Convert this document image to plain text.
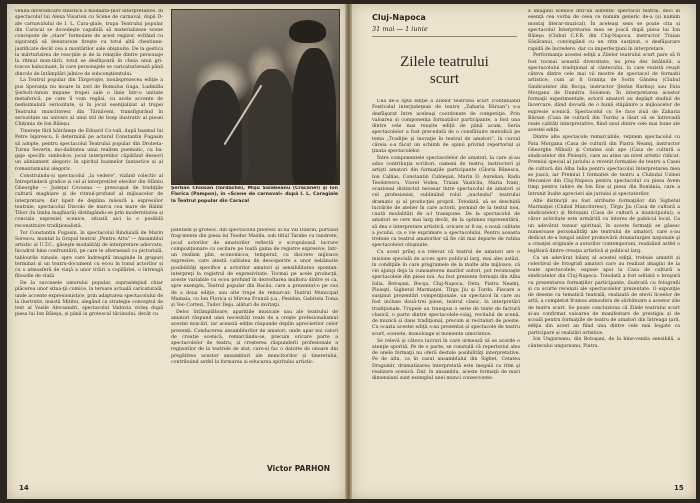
venită diversificare stilistică a modalită-ţilor interpretative. În spectacolul lui Alexa Visarion cu Scene de carnaval, după D-ale carnavalului de I. L. Cara-giale, trupa Teatrului popular din Caracal se dovedeşte capabilă să materializeze scene concepute de „stare" formulate de acest regizor, evitând cu siguranţă să denatureze fireşte cu totul altă chestiune-justificate decât cea a montărilor sale obişnuite. De la gestica la mărturisirea de reacţiile și de la relaţiile dintre personaje la ritmul mon-tării, totul se desfăşoară în cheia unui gri-toscos halucinant, în care personajele se caricaturizează până dincolo de întâmplări jalnice de subconştientului.

La Teatrul popular din Târgovişte, nouăsprezecea ediţie a pus Speranţa nu moare în zori de Romulus Guga, Ludmilla Şerbolt-Anton impune trupei sale o linie într-o unitate metaforică, pe care îl vom regăsi, cu acele accente de nedisimulată seriozitate, și în jocul esenţializat al trupei Teatrului muncitoresc din Târnăveni, transfigurând în seriozitate un univers al unui stil de hosp ilustrativ al piesei Chiţimia de Ion Băieşu.

Tinereţe fără bătrâneţe de Eduard Co-vali, după basmul lui Petre Ispirescu, îi determină pe actorul Constantin Fugasin să adopte, pentru spectacolul Teatrului popular din Drobeta-Turnu Severin, mo-dalitatea unui realism poematic, cu ba-gaje specific simbolice, jocul interpretilor căpătând deseori un aliniament alegoric în spiritul basmelor fantastice și al romantismului alegoric.

Construindu-și spectacolul „la vedere", vizând colectiv al Întreprinderii grafice și cel al interpreților elevilor din Sfântu Gheorghe — Judeţul Covasna — preocupat de tradiţiile culturii maghiare şi de ritmul-profund al mijloacelor de interpretare, dar lipsit de deplina măsură a expresiilor teatrale, spectacolul Discolo de marca cea mare de Bálint Tibor (în limba maghiară) distingându-se prin modernitatea și concizia expresiei scenice, situată aici la o posibilă reconstituire tradiţionalistă.

Tot Constantin Fugasin, în spectacolul Rinduială de Marin Sorescu, montat la Grupul teatral „Pentru Arta" — Ansamblul artistic al U.T.C., găseşte modalităţi de interpretare adecvate, încadrat bine confruntării, pe care le alternează cu pictorială, tablourile vizuale, spre care îndreaptă imaginile în grupuri terminat și un teatru-document cu ecou în tonul actorilor și cu o atmosferă de viaţă a unor trăiri a copilăriei, o întreagă filosofie de viață.

De la succesele umorului popular, suprasimţind chiar plăcerea unor situa-ţii comice, la teroare actuală caricaturală, unde accente expresionistice, prin adaptarea spectacolului de la ilustrativ, insistă Mititei, alegând ca strategie conceptul de text al Vasile Alecsandri, spectacolul Vaduvia vicleş după piesa lui Ion Băieşu, și până la grotescul tăciinului, decât cu

Şerban Chiosan (Iordache), Mişu Sălăbeanu (Crăcănel) şi Ion Florica (Pampon), în «Scene de carnaval» după I. L. Caragiale la Teatrul popular din Caracal

patetism şi grotesc, din spectacolul pitoresc al lui Val Dobrin, purtând frag-mente din piesa lui Teodor Mazilu, sub titlul Tarabe cu tandrete, jocul actorilor de amatorilor reflectă o scrupuloasă lucrare compoziţionare cu oscilare pe toată gama de registre expresive, într-un realism plin, economicos, temperat, cu discrete mijloace expresive, care atestă calitatea de descoperire a unor nebănuite posibilităţi specifice a actorilor amatori şi sensibilitatea spontan-interpreţi la registrul de expresivitate. Tocmai pe acele producţii, aceste variabile cu ecou profund în dezvoltarea multora dintre ei ca, spre exemplu, Teatrul popular din Bacău, care a prezentat-o pe cea de a doua ediţie, sau alte trupe de remarcat: Teatrul Municipal Mamaia, cu Ion Florica și Mircea Frunză ș.a., Pesidan, Gabriela Toma și Teo Cortezi, Tudor Deju, alături de invitaţii.

Deloc întâmplătoare, aparițiile musicale sau ale teatrului de amatori răspund unei necesități reale de a creşte profesionalismul acestei mișcări, iar această ediție răspunde deplin aprecierilor celor prezenți. Conducerea ansamblurilor de amatori, unde apar noi valori de creație scenică, remarcându-se, precum oricare parte a spectacolelor de teatru, și creșterea răspunderii profesionale a regizorilor de la teatrele de stat, care-și fac o datorie de onoare din pregătirea acestor ansambluri ale muncitorilor și tineretului, contribuind astfel la formarea și educarea spiritului artistic.

Victor PARHON
14
Cluj-Napoca
31 mai — 1 iunie
Zilele teatrului
scurt

Cea de-a opta ediţie a Zilelor teatrului scurt (continuând Festivalul interjudeţean de teatru „Zaharia Bârsan") s-a desfăşurat între aceleaşi coordonate de competiţie. Prin valoarea și componența formațiilor participante, a fost una dintre cele mai reușite ediții de până acum. Seria spectacolelor a fost precedată de o consfătuire metodică pe tema „Tradiţie şi inovaţie în teatrul de amatori", în cursul căreia s-a făcut un schimb de opinii privind repertoriul și ţinuta spectacolelor.

Între componentele spectacolelor de amatori, la care și-au adus contribuţia scriitori, oameni de teatru, instructori şi artişti amatori din formaţiile participante (Gloria Bănescu, Ion Callias, Constantin Cubleşan, Marin D. Aurelian, Radu Teodorescu, Viorel Vodea, Traian Vasilcău, Maria Ivan), ocazional distinctul necesar între spectacolul de amatori și cel profesionist, subliniind rolul „nucleului" teatrului dramatic și al producţiei proprii. Totodată, să se deschidă lucrările de atelier în care actorii, pornind de la textul nou, caută modalități de a-l transpune. De la spectacolul de amatori se cere mai larg decât, de la optimea reprezentării, să dea o interpretare artistică, oricare ar fi ea, o nouă calitate a jocului, ca o vie exprimare a spectacolului. Pentru aceasta trebuie ca teatrul amatorilor să fie cât mai departe de rutina spectacolelor obişnuite.

Cu acest prilej s-a relevat că teatrul de amatori are o misiune specială de acces spre publicul larg, mai ales astăzi, în condiţiile în care programele de la multe alte mijloace, că cei ajunşi deja la cunoașterea marilor autori, pot recunoaşte spectacolele din piese noi. Au fost prezente formaţii din Alba Iulia, Botoşani, Bocşa, Cluj-Napoca, Deta, Piatra Neamţ, Ploieşti, Sighetul Marmaţiei, Tîrgu Jiu şi Turda. Fiecare a susţinut prezentări competiţionale, un spectacol în care au fost incluse două-trei piese, teatrul clasic, în interpretări tradiţionale. Trupele au transpus o serie de texte de factură clasică, o parte dintre spectacolele-colaj, recitalul de scenă, de muzică și dans tradiţional, precum și recitaluri de poezie. Cu ocazia acestei ediţii s-au prezentat și spectacole de teatru scurt, scenete, monoloage și momente umoristice.

Se relevă și câteva lucruri în care urmează să se acorde o atenţie sporită. Pe de o parte, se constată că repertoriul ales de unele formaţii nu oferă destule posibilităţi interpretative. Pe de alta, ca în cazul ansamblului din Sighet, Cetatea Dragomir, dramatizarea interpretată este inegală ca ritm şi realizare scenică. Dar, în ansamblu, aceste formaţii de mari dimensiuni sunt exemplul unei munci consecvente.

a imaginii scenice într-un autentic spectacol teatral, deci în esenţă cea vorba de ceea ce numim generic de-a (și numim montaj literar-muzical). În aceleaşi sens se poate cita și spectacolul Interpretarea mea se joacă după piesa lui Ion Băieşu (Clubul C.F.R. din Cluj-Napoca, instructor Traian Săsăranu), convingând cu un ritm susţinut, o desfăşurare rapidă de încredere, dar cu imperfecţiuni în interpretare.

Performanţa acestei ediţii a Zilelor teatrului scurt pare să fi fost tocmai această diversitate, nu prea des întâlnită, a spectacolului tradiţional al cântecului, la care rezistă reuşit câteva dintre cele mai vii mostre de spectacol de formații artistice, cum ar fi Graniţa de Sorin Gândea (Clubul Sindicatelor din Bocşa, instructor Ştefan Barboş) sau Fata Morgana de Dumitru Solomon. În interpretarea acestor formaţii experimentale, actorii amatori au depăşit stadiul de încercare, dând dovadă de o bună stăpânire a mijloacelor de expresie scenică. Spectacolul cu Se face ziuă de Zaharia Bârsan (Casa de cultură din Turda) a lăsat să se întrevadă reale calități interpretative, fiind unul dintre cele mai bune ale acestei ediții.

Dintre alte spectacole remarcabile, reţinem spectacolul cu Fata Morgana (Casa de cultură din Piatra Neamţ, instructor Gheorghe Mihail) şi Cetatea sub ape (Casa de cultură a sindicatelor din Ploieşti), care au atins un nivel artistic ridicat. Premiul special al juriului a revenit formației de teatru a Casei de cultură din Alba Iulia pentru spectacolul Interpretarea mea se joacă, iar Premiul I formației de teatru a Clubului Uzinei Mecanice din Cluj-Napoca pentru spectacolul cu piesa Avem timp pentru iubire de Ion Ene și piesa din România, care a întrunit înalte aprecieri ale juriului și spectatorilor.

Alte distincţii au fost atribuite formaţiilor din Sighetul Marmaţiei (Clubul Muncitoresc), Tîrgu Jiu (Casa de cultură a sindicatelor) şi Botoşani (Casa de cultură a municipiului), a căror activitate este urmărită cu interes de publicul local. Ca un adevărat tezaur spiritual, în aceste formaţii se găsesc numeroase personalităţi ale teatrului de amatori, care s-au dedicat de-a lungul anilor promovării dramaturgiei naţionale şi a creaţiei originale a autorilor contemporani, realizând astfel o legătură dintre creaţia artistică și publicul larg.

Ca un adevărat bilanţ al acestei ediţii, trebuie amintit și colectivul de fotografi amatori care au realizat imagini de la toate spectacolele, expuse apoi la Casa de cultură a sindicatelor din Cluj-Napoca. Totodată a fost editată o broşură cu prezentarea formaţiilor participante, ilustrată cu fotografii și cu scurte recenzii ale spectacolelor prezentate. O expoziţie de desene cu tematică teatrală, realizată de elevii liceelor de artă, a completat frumos atmosfera de sărbătoare a acestor zile de teatru scurt. Se poate concluziona că Zilele teatrului scurt și-au confirmat valoarea de manifestare de prestigiu și de școală pentru formaţiile de teatru de amatori din întreaga ţară, ediţia din acest an fiind una dintre cele mai bogate ca participare și realizări artistice.

Ion Ungureanu, din Botoşani, de la bine-venita sensibilă, a cântecului ungureanu, Piatra.

15
